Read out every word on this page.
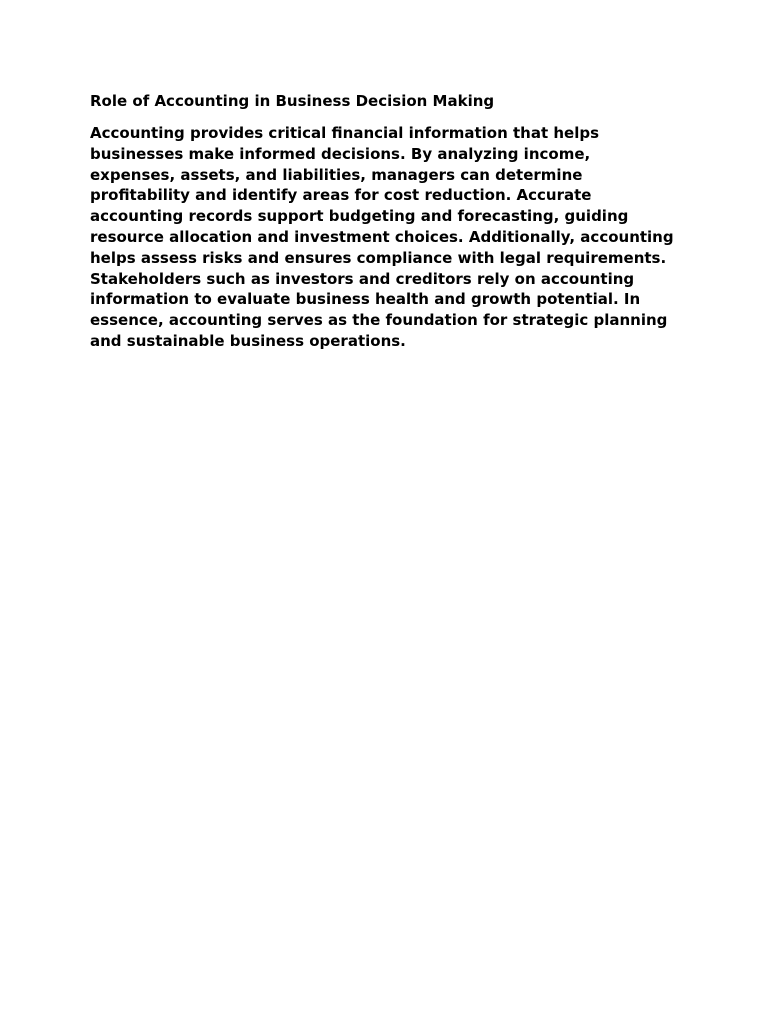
Role of Accounting in Business Decision Making

Accounting provides critical financial information that helps
businesses make informed decisions. By analyzing income,
expenses, assets, and liabilities, managers can determine
profitability and identify areas for cost reduction. Accurate
accounting records support budgeting and forecasting, guiding
resource allocation and investment choices. Additionally, accounting
helps assess risks and ensures compliance with legal requirements.
Stakeholders such as investors and creditors rely on accounting
information to evaluate business health and growth potential. In
essence, accounting serves as the foundation for strategic planning
and sustainable business operations.
